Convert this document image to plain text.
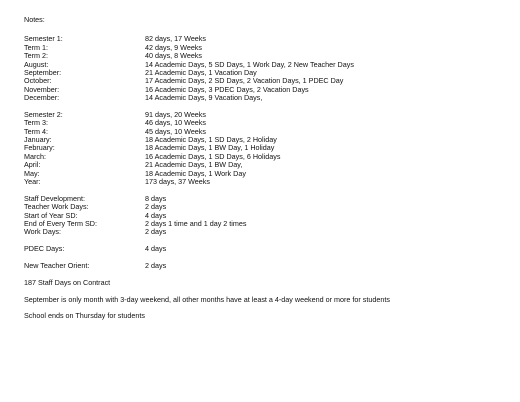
Notes:
Semester 1:	82 days, 17 Weeks
Term 1:	42 days, 9 Weeks
Term 2:	40 days, 8 Weeks
August:	14 Academic Days, 5 SD Days, 1 Work Day, 2 New Teacher Days
September:	21 Academic Days, 1 Vacation Day
October:	17 Academic Days, 2 SD Days, 2 Vacation Days, 1 PDEC Day
November:	16 Academic Days, 3 PDEC Days, 2 Vacation Days
December:	14 Academic Days, 9 Vacation Days,
Semester 2:	91 days, 20 Weeks
Term 3:	46 days, 10 Weeks
Term 4:	45 days, 10 Weeks
January:	18 Academic Days, 1 SD Days, 2 Holiday
February:	18 Academic Days, 1 BW Day, 1 Holiday
March:	16 Academic Days, 1 SD Days, 6 Holidays
April:	21 Academic Days, 1 BW Day,
May:	18 Academic Days, 1 Work Day
Year:	173 days, 37 Weeks
Staff Development:	8 days
Teacher Work Days:	2 days
Start of Year SD:	4 days
End of Every Term SD:	2 days 1 time and 1 day 2 times
Work Days:	2 days
PDEC Days:	4 days
New Teacher Orient:	2 days
187 Staff Days on Contract
September is only month with 3-day weekend, all other months have at least a 4-day weekend or more for students
School ends on Thursday for students
